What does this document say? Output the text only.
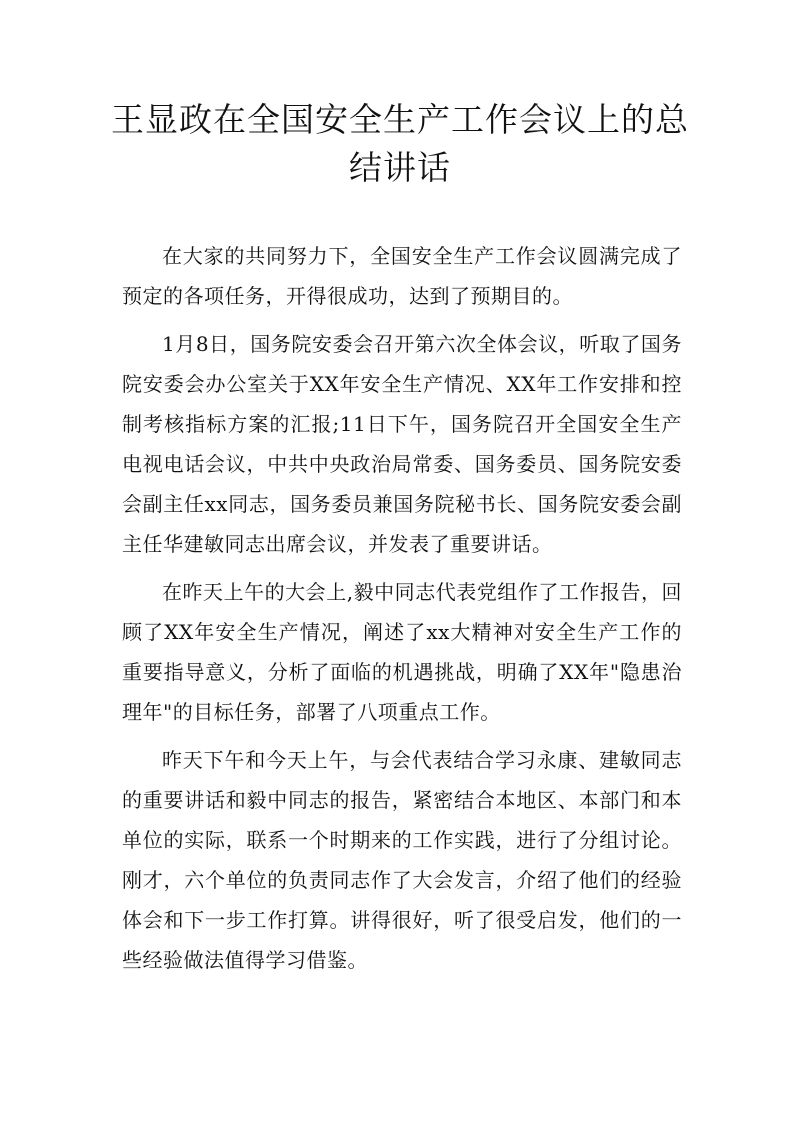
王显政在全国安全生产工作会议上的总结讲话

在大家的共同努力下，全国安全生产工作会议圆满完成了预定的各项任务，开得很成功，达到了预期目的。

1月8日，国务院安委会召开第六次全体会议，听取了国务院安委会办公室关于XX年安全生产情况、XX年工作安排和控制考核指标方案的汇报;11日下午，国务院召开全国安全生产电视电话会议，中共中央政治局常委、国务委员、国务院安委会副主任xx同志，国务委员兼国务院秘书长、国务院安委会副主任华建敏同志出席会议，并发表了重要讲话。

在昨天上午的大会上,毅中同志代表党组作了工作报告，回顾了XX年安全生产情况，阐述了xx大精神对安全生产工作的重要指导意义，分析了面临的机遇挑战，明确了XX年"隐患治理年"的目标任务，部署了八项重点工作。

昨天下午和今天上午，与会代表结合学习永康、建敏同志的重要讲话和毅中同志的报告，紧密结合本地区、本部门和本单位的实际，联系一个时期来的工作实践，进行了分组讨论。刚才，六个单位的负责同志作了大会发言，介绍了他们的经验体会和下一步工作打算。讲得很好，听了很受启发，他们的一些经验做法值得学习借鉴。
